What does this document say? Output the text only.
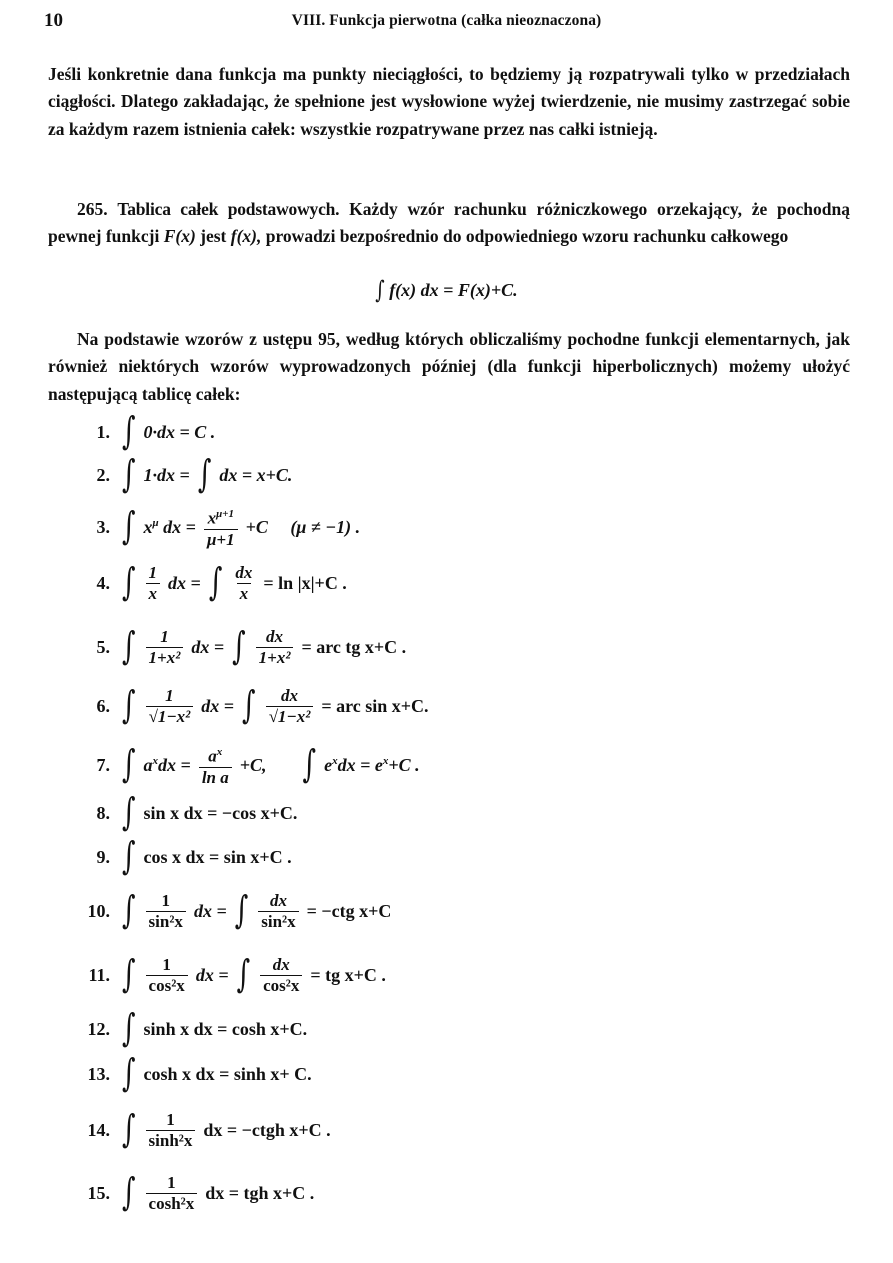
10	VIII. Funkcja pierwotna (całka nieoznaczona)

Jeśli konkretnie dana funkcja ma punkty nieciągłości, to będziemy ją rozpatrywali tylko w przedziałach ciągłości. Dlatego zakładając, że spełnione jest wysłowione wyżej twierdzenie, nie musimy zastrzegać sobie za każdym razem istnienia całek: wszystkie rozpatrywane przez nas całki istnieją.

265. Tablica całek podstawowych. Każdy wzór rachunku różniczkowego orzekający, że pochodną pewnej funkcji F(x) jest f(x), prowadzi bezpośrednio do odpowiedniego wzoru rachunku całkowego

∫ f(x) dx = F(x)+C.

Na podstawie wzorów z ustępu 95, według których obliczaliśmy pochodne funkcji elementarnych, jak również niektórych wzorów wyprowadzonych później (dla funkcji hiperbolicznych) możemy ułożyć następującą tablicę całek:

1. ∫ 0·dx = C .
2. ∫ 1·dx = ∫ dx = x+C.
3. ∫ $x^\mu$ dx = $\frac{x^{\mu+1}}{\mu+1} +C$     (μ ≠ −1) .
4. ∫ $\frac{1}{x}$ dx = ∫ $\frac{dx}{x} = \ln |x|+C$ .
5. ∫ $\frac{1}{\text{1+x²}}$ dx = ∫ $\frac{dx}{\text{1+x²}}$ = arc tg x+C .
6. ∫ $\frac{1}{\text{√1−x²}}$ dx = ∫ $\frac{dx}{\text{√1−x²}}$ = arc sin x+C.
7. ∫ $a^xdx = \frac{a^x}{\text{ln a}} +C$, ∫ $e^xdx = e^x+C$ .
8. ∫ sin x dx = −cos x+C.
9. ∫ cos x dx = sin x+C .
10. ∫ $\frac{1}{\text{sin²x}}$ dx = ∫ $\frac{dx}{\text{sin²x}} = -ctg$ x+C
11. ∫ $\frac{1}{\text{cos²x}}$ dx = ∫ $\frac{dx}{\text{cos²x}}$ = tg x+C .
12. ∫ sinh x dx = cosh x+C.
13. ∫ cosh x dx = sinh x+ C.
14. ∫ $\frac{1}{\text{sinh²x}}$ dx = −ctgh x+C .
15. ∫ $\frac{1}{\text{cosh²x}}$ dx = tgh x+C .
